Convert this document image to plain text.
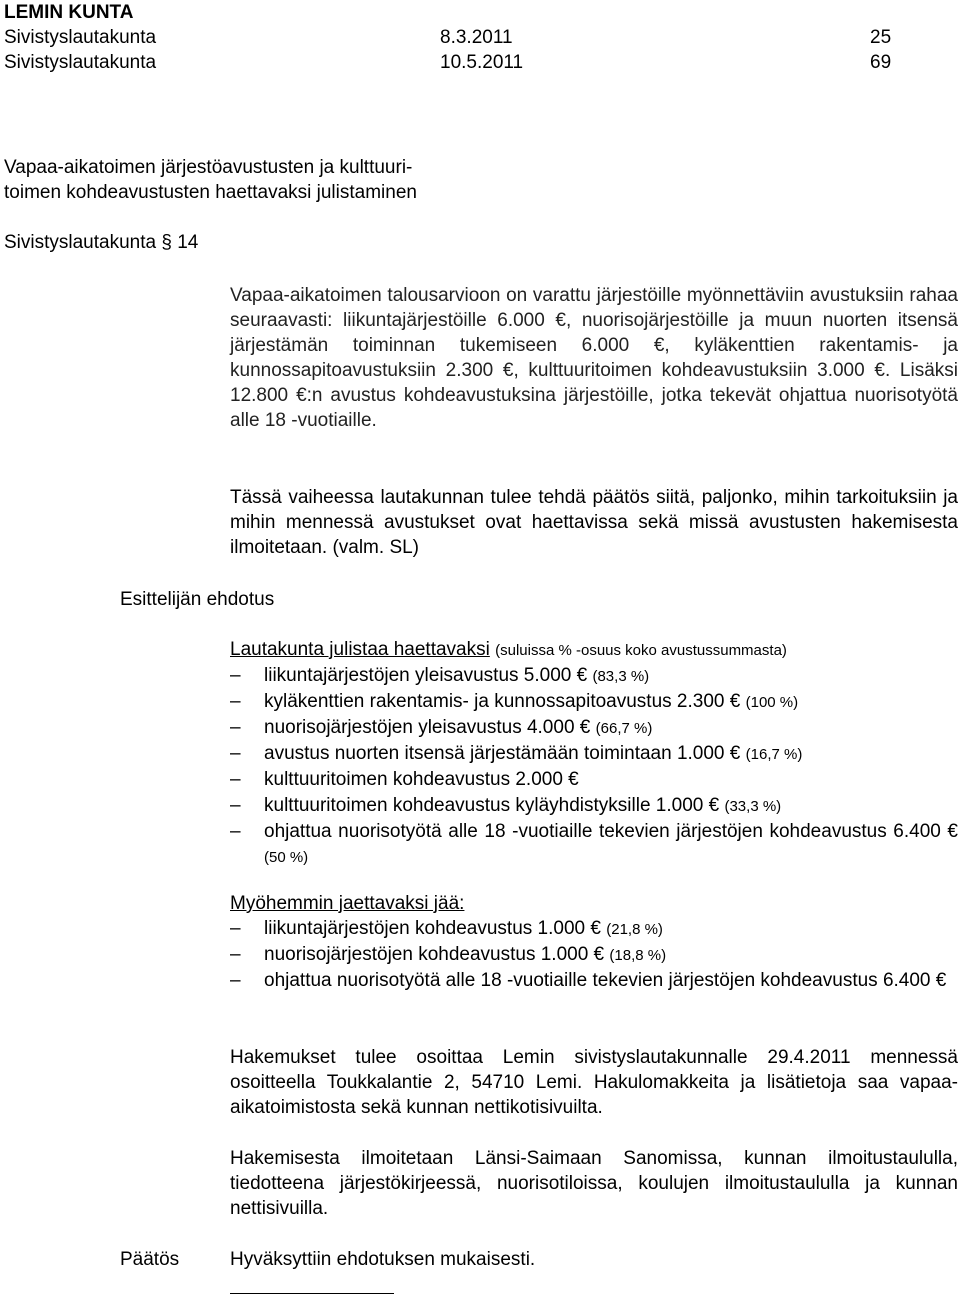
LEMIN KUNTA
Sivistyslautakunta	8.3.2011	25
Sivistyslautakunta	10.5.2011	69
Vapaa-aikatoimen järjestöavustusten ja kulttuuri-
toimen kohdeavustusten haettavaksi julistaminen
Sivistyslautakunta § 14
Vapaa-aikatoimen talousarvioon on varattu järjestöille myönnettäviin avustuksiin rahaa seuraavasti: liikuntajärjestöille 6.000 €, nuorisojärjestöille ja muun nuorten itsensä järjestämän toiminnan tukemiseen 6.000 €, kyläkenttien rakentamis- ja kunnossapitoavustuksiin 2.300 €, kulttuuritoimen kohdeavustuksiin 3.000 €. Lisäksi 12.800 €:n avustus kohdeavustuksina järjestöille, jotka tekevät ohjattua nuorisotyötä alle 18 -vuotiaille.
Tässä vaiheessa lautakunnan tulee tehdä päätös siitä, paljonko, mihin tarkoituksiin ja mihin mennessä avustukset ovat haettavissa sekä missä avustusten hakemisesta ilmoitetaan. (valm. SL)
Esittelijän ehdotus
Lautakunta julistaa haettavaksi (suluissa % -osuus koko avustussummasta)
– liikuntajärjestöjen yleisavustus 5.000 € (83,3 %)
– kyläkenttien rakentamis- ja kunnossapitoavustus 2.300 € (100 %)
– nuorisojärjestöjen yleisavustus 4.000 € (66,7 %)
– avustus nuorten itsensä järjestämään toimintaan 1.000 € (16,7 %)
– kulttuuritoimen kohdeavustus 2.000 €
– kulttuuritoimen kohdeavustus kyläyhdistyksille 1.000 € (33,3 %)
– ohjattua nuorisotyötä alle 18 -vuotiaille tekevien järjestöjen kohdeavustus 6.400 € (50 %)
Myöhemmin jaettavaksi jää:
– liikuntajärjestöjen kohdeavustus 1.000 € (21,8 %)
– nuorisojärjestöjen kohdeavustus 1.000 € (18,8 %)
– ohjattua nuorisotyötä alle 18 -vuotiaille tekevien järjestöjen kohdeavustus 6.400 €
Hakemukset tulee osoittaa Lemin sivistyslautakunnalle 29.4.2011 mennessä osoitteella Toukkalantie 2, 54710 Lemi. Hakulomakkeita ja lisätietoja saa vapaa-aikatoimistosta sekä kunnan nettikotisivuilta.
Hakemisesta ilmoitetaan Länsi-Saimaan Sanomissa, kunnan ilmoitustaululla, tiedotteena järjestökirjeessä, nuorisotiloissa, koulujen ilmoitustaululla ja kunnan nettisivuilla.
Päätös	Hyväksyttiin ehdotuksen mukaisesti.
